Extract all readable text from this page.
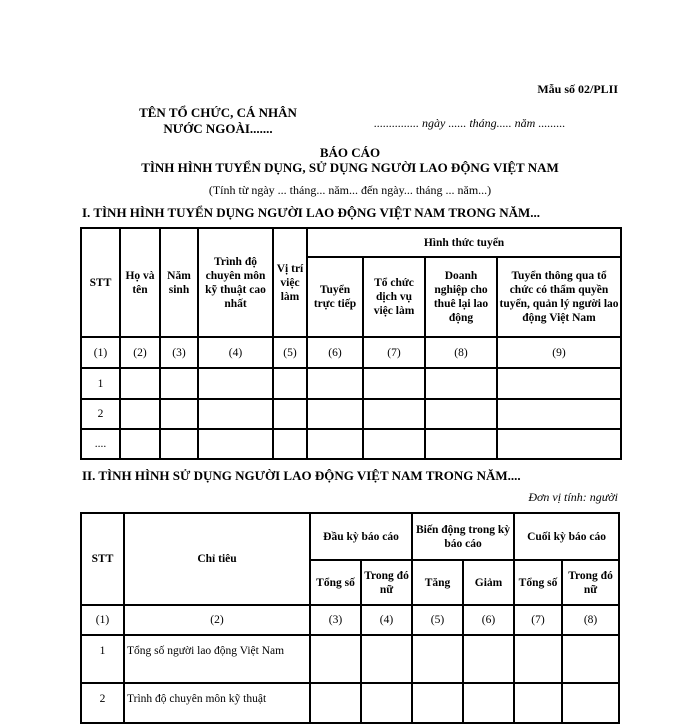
Mẫu số 02/PLII
TÊN TỔ CHỨC, CÁ NHÂN
NƯỚC NGOÀI.......	............... ngày ...... tháng..... năm .........
BÁO CÁO
TÌNH HÌNH TUYỂN DỤNG, SỬ DỤNG NGƯỜI LAO ĐỘNG VIỆT NAM
(Tính từ ngày ... tháng... năm... đến ngày... tháng ... năm...)
I. TÌNH HÌNH TUYỂN DỤNG NGƯỜI LAO ĐỘNG VIỆT NAM TRONG NĂM...
STT	Họ và tên	Năm sinh	Trình độ chuyên môn kỹ thuật cao nhất	Vị trí việc làm	Hình thức tuyển			
					Tuyển trực tiếp	Tổ chức dịch vụ việc làm	Doanh nghiệp cho thuê lại lao động	Tuyển thông qua tổ chức có thẩm quyền tuyển, quản lý người lao động Việt Nam
(1)	(2)	(3)	(4)	(5)	(6)	(7)	(8)	(9)
1								
2								
....								
II. TÌNH HÌNH SỬ DỤNG NGƯỜI LAO ĐỘNG VIỆT NAM TRONG NĂM....
Đơn vị tính: người
STT	Chỉ tiêu	Đầu kỳ báo cáo		Biến động trong kỳ báo cáo		Cuối kỳ báo cáo	
		Tổng số	Trong đó nữ	Tăng	Giảm	Tổng số	Trong đó nữ
(1)	(2)	(3)	(4)	(5)	(6)	(7)	(8)
1	Tổng số người lao động Việt Nam						
2	Trình độ chuyên môn kỹ thuật						
